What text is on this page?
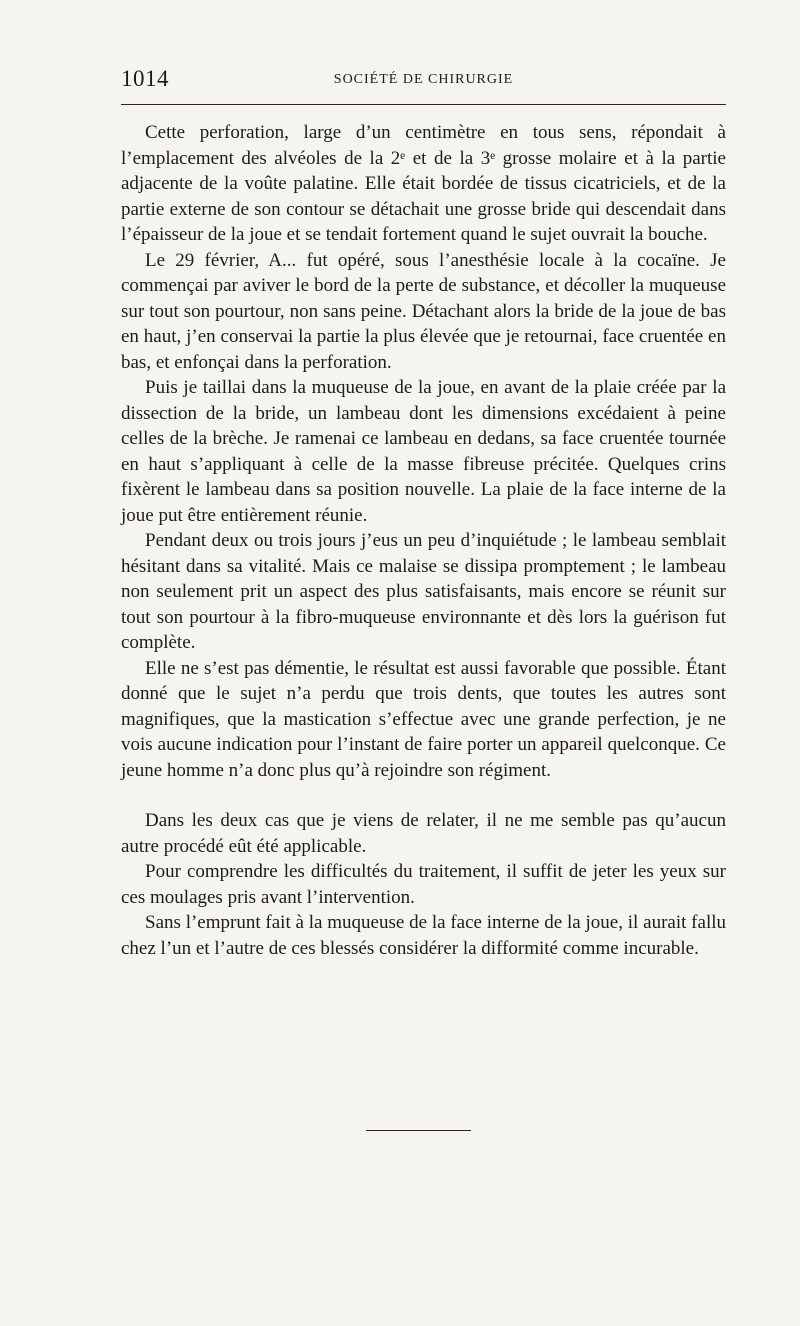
1014	SOCIÉTÉ DE CHIRURGIE

Cette perforation, large d’un centimètre en tous sens, répondait à l’emplacement des alvéoles de la 2ᵉ et de la 3ᵉ grosse molaire et à la partie adjacente de la voûte palatine. Elle était bordée de tissus cicatriciels, et de la partie externe de son contour se détachait une grosse bride qui descendait dans l’épaisseur de la joue et se tendait fortement quand le sujet ouvrait la bouche.

Le 29 février, A... fut opéré, sous l’anesthésie locale à la cocaïne. Je commençai par aviver le bord de la perte de substance, et décoller la muqueuse sur tout son pourtour, non sans peine. Détachant alors la bride de la joue de bas en haut, j’en conservai la partie la plus élevée que je retournai, face cruentée en bas, et enfonçai dans la perforation.

Puis je taillai dans la muqueuse de la joue, en avant de la plaie créée par la dissection de la bride, un lambeau dont les dimensions excédaient à peine celles de la brèche. Je ramenai ce lambeau en dedans, sa face cruentée tournée en haut s’appliquant à celle de la masse fibreuse précitée. Quelques crins fixèrent le lambeau dans sa position nouvelle. La plaie de la face interne de la joue put être entièrement réunie.

Pendant deux ou trois jours j’eus un peu d’inquiétude ; le lambeau semblait hésitant dans sa vitalité. Mais ce malaise se dissipa promptement ; le lambeau non seulement prit un aspect des plus satisfaisants, mais encore se réunit sur tout son pourtour à la fibro-muqueuse environnante et dès lors la guérison fut complète.

Elle ne s’est pas démentie, le résultat est aussi favorable que possible. Étant donné que le sujet n’a perdu que trois dents, que toutes les autres sont magnifiques, que la mastication s’effectue avec une grande perfection, je ne vois aucune indication pour l’instant de faire porter un appareil quelconque. Ce jeune homme n’a donc plus qu’à rejoindre son régiment.

Dans les deux cas que je viens de relater, il ne me semble pas qu’aucun autre procédé eût été applicable.

Pour comprendre les difficultés du traitement, il suffit de jeter les yeux sur ces moulages pris avant l’intervention.

Sans l’emprunt fait à la muqueuse de la face interne de la joue, il aurait fallu chez l’un et l’autre de ces blessés considérer la difformité comme incurable.
